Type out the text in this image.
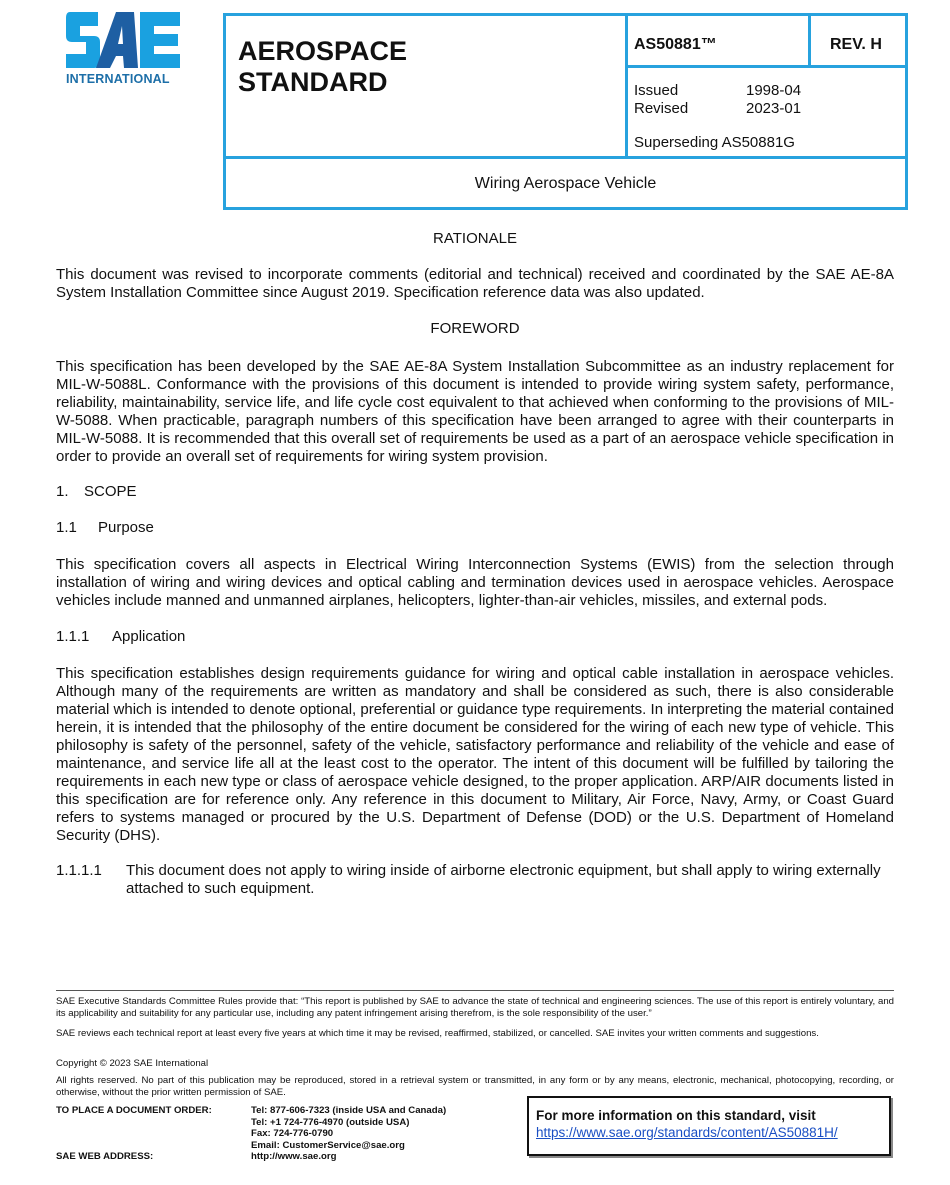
INTERNATIONAL
AEROSPACE
STANDARD
AS50881™	REV. H
Issued	1998-04
Revised	2023-01
Superseding AS50881G
Wiring Aerospace Vehicle
RATIONALE
This document was revised to incorporate comments (editorial and technical) received and coordinated by the SAE AE-8A System Installation Committee since August 2019. Specification reference data was also updated.
FOREWORD
This specification has been developed by the SAE AE-8A System Installation Subcommittee as an industry replacement for MIL-W-5088L. Conformance with the provisions of this document is intended to provide wiring system safety, performance, reliability, maintainability, service life, and life cycle cost equivalent to that achieved when conforming to the provisions of MIL-W-5088. When practicable, paragraph numbers of this specification have been arranged to agree with their counterparts in MIL-W-5088. It is recommended that this overall set of requirements be used as a part of an aerospace vehicle specification in order to provide an overall set of requirements for wiring system provision.
1. SCOPE
1.1 Purpose
This specification covers all aspects in Electrical Wiring Interconnection Systems (EWIS) from the selection through installation of wiring and wiring devices and optical cabling and termination devices used in aerospace vehicles. Aerospace vehicles include manned and unmanned airplanes, helicopters, lighter-than-air vehicles, missiles, and external pods.
1.1.1 Application
This specification establishes design requirements guidance for wiring and optical cable installation in aerospace vehicles. Although many of the requirements are written as mandatory and shall be considered as such, there is also considerable material which is intended to denote optional, preferential or guidance type requirements. In interpreting the material contained herein, it is intended that the philosophy of the entire document be considered for the wiring of each new type of vehicle. This philosophy is safety of the personnel, safety of the vehicle, satisfactory performance and reliability of the vehicle and ease of maintenance, and service life all at the least cost to the operator. The intent of this document will be fulfilled by tailoring the requirements in each new type or class of aerospace vehicle designed, to the proper application. ARP/AIR documents listed in this specification are for reference only. Any reference in this document to Military, Air Force, Navy, Army, or Coast Guard refers to systems managed or procured by the U.S. Department of Defense (DOD) or the U.S. Department of Homeland Security (DHS).
1.1.1.1 This document does not apply to wiring inside of airborne electronic equipment, but shall apply to wiring externally attached to such equipment.
SAE Executive Standards Committee Rules provide that: “This report is published by SAE to advance the state of technical and engineering sciences. The use of this report is entirely voluntary, and its applicability and suitability for any particular use, including any patent infringement arising therefrom, is the sole responsibility of the user.”
SAE reviews each technical report at least every five years at which time it may be revised, reaffirmed, stabilized, or cancelled. SAE invites your written comments and suggestions.
Copyright © 2023 SAE International
All rights reserved. No part of this publication may be reproduced, stored in a retrieval system or transmitted, in any form or by any means, electronic, mechanical, photocopying, recording, or otherwise, without the prior written permission of SAE.
TO PLACE A DOCUMENT ORDER:	Tel: 877-606-7323 (inside USA and Canada)
Tel: +1 724-776-4970 (outside USA)
Fax: 724-776-0790
Email: CustomerService@sae.org
SAE WEB ADDRESS:	http://www.sae.org
For more information on this standard, visit
https://www.sae.org/standards/content/AS50881H/
